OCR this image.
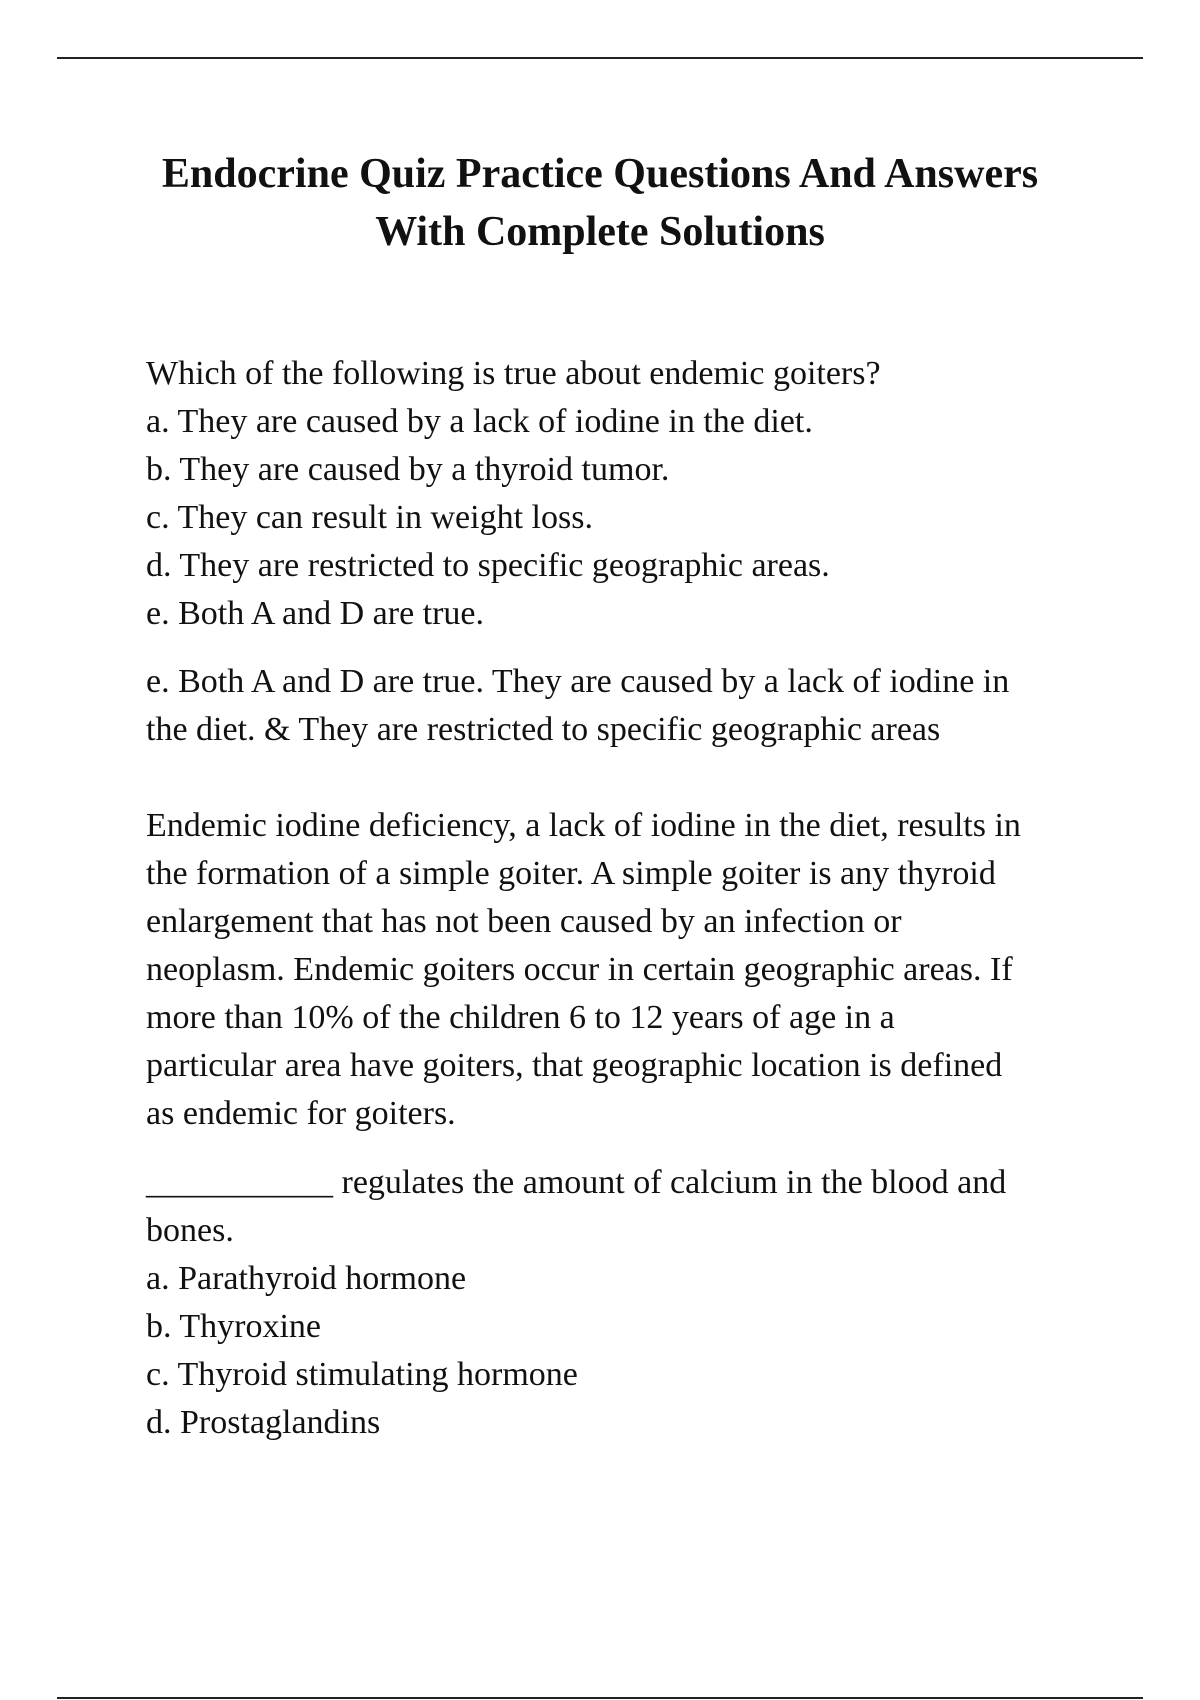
Endocrine Quiz Practice Questions And Answers
With Complete Solutions
Which of the following is true about endemic goiters?
a. They are caused by a lack of iodine in the diet.
b. They are caused by a thyroid tumor.
c. They can result in weight loss.
d. They are restricted to specific geographic areas.
e. Both A and D are true.
e. Both A and D are true. They are caused by a lack of iodine in
the diet. & They are restricted to specific geographic areas
Endemic iodine deficiency, a lack of iodine in the diet, results in
the formation of a simple goiter. A simple goiter is any thyroid
enlargement that has not been caused by an infection or
neoplasm. Endemic goiters occur in certain geographic areas. If
more than 10% of the children 6 to 12 years of age in a
particular area have goiters, that geographic location is defined
as endemic for goiters.
___________ regulates the amount of calcium in the blood and
bones.
a. Parathyroid hormone
b. Thyroxine
c. Thyroid stimulating hormone
d. Prostaglandins
